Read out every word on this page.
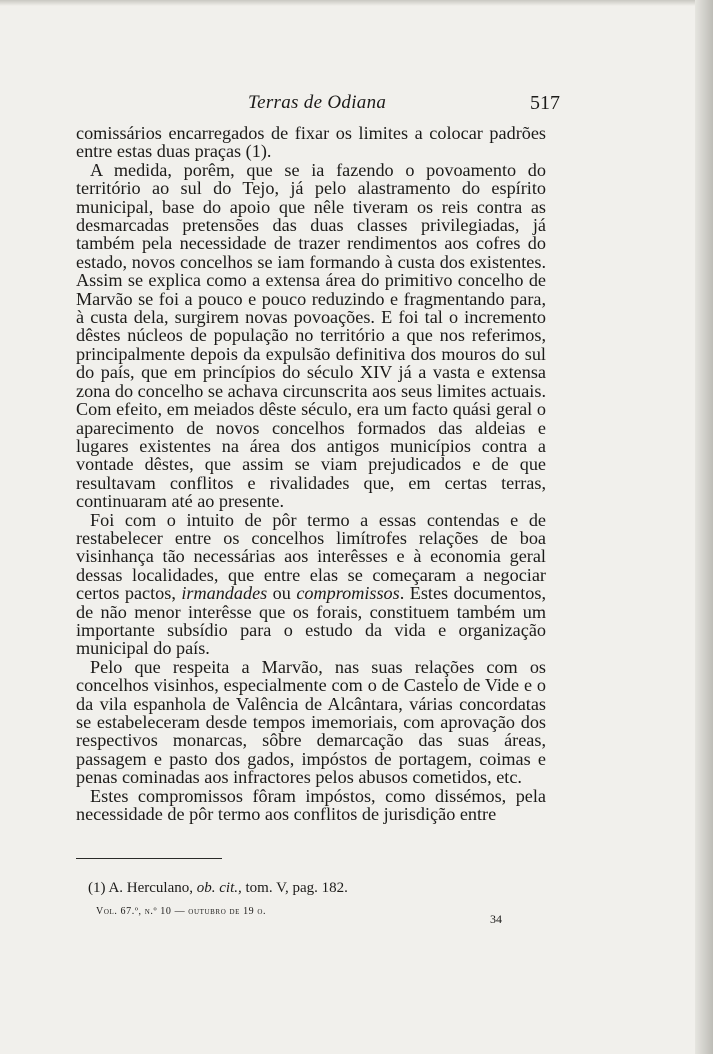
Terras de Odiana	517

comissários encarregados de fixar os limites a colocar padrões entre estas duas praças (1).

A medida, porêm, que se ia fazendo o povoamento do território ao sul do Tejo, já pelo alastramento do espírito municipal, base do apoio que nêle tiveram os reis contra as desmarcadas pretensões das duas classes privilegiadas, já também pela necessidade de trazer rendimentos aos cofres do estado, novos concelhos se iam formando à custa dos existentes. Assim se explica como a extensa área do primitivo concelho de Marvão se foi a pouco e pouco reduzindo e fragmentando para, à custa dela, surgirem novas povoações. E foi tal o incremento dêstes núcleos de população no território a que nos referimos, principalmente depois da expulsão definitiva dos mouros do sul do país, que em princípios do século XIV já a vasta e extensa zona do concelho se achava circunscrita aos seus limites actuais. Com efeito, em meiados dêste século, era um facto quási geral o aparecimento de novos concelhos formados das aldeias e lugares existentes na área dos antigos municípios contra a vontade dêstes, que assim se viam prejudicados e de que resultavam conflitos e rivalidades que, em certas terras, continuaram até ao presente.

Foi com o intuito de pôr termo a essas contendas e de restabelecer entre os concelhos limítrofes relações de boa visinhança tão necessárias aos interêsses e à economia geral dessas localidades, que entre elas se começaram a negociar certos pactos, irmandades ou compromissos. Estes documentos, de não menor interêsse que os forais, constituem também um importante subsídio para o estudo da vida e organização municipal do país.

Pelo que respeita a Marvão, nas suas relações com os concelhos visinhos, especialmente com o de Castelo de Vide e o da vila espanhola de Valência de Alcântara, várias concordatas se estabeleceram desde tempos imemoriais, com aprovação dos respectivos monarcas, sôbre demarcação das suas áreas, passagem e pasto dos gados, impóstos de portagem, coimas e penas cominadas aos infractores pelos abusos cometidos, etc.

Estes compromissos fôram impóstos, como dissémos, pela necessidade de pôr termo aos conflitos de jurisdição entre

(1) A. Herculano, ob. cit., tom. V, pag. 182.
Vol. 67.º, n.º 10 — outubro de 19 o.
34
